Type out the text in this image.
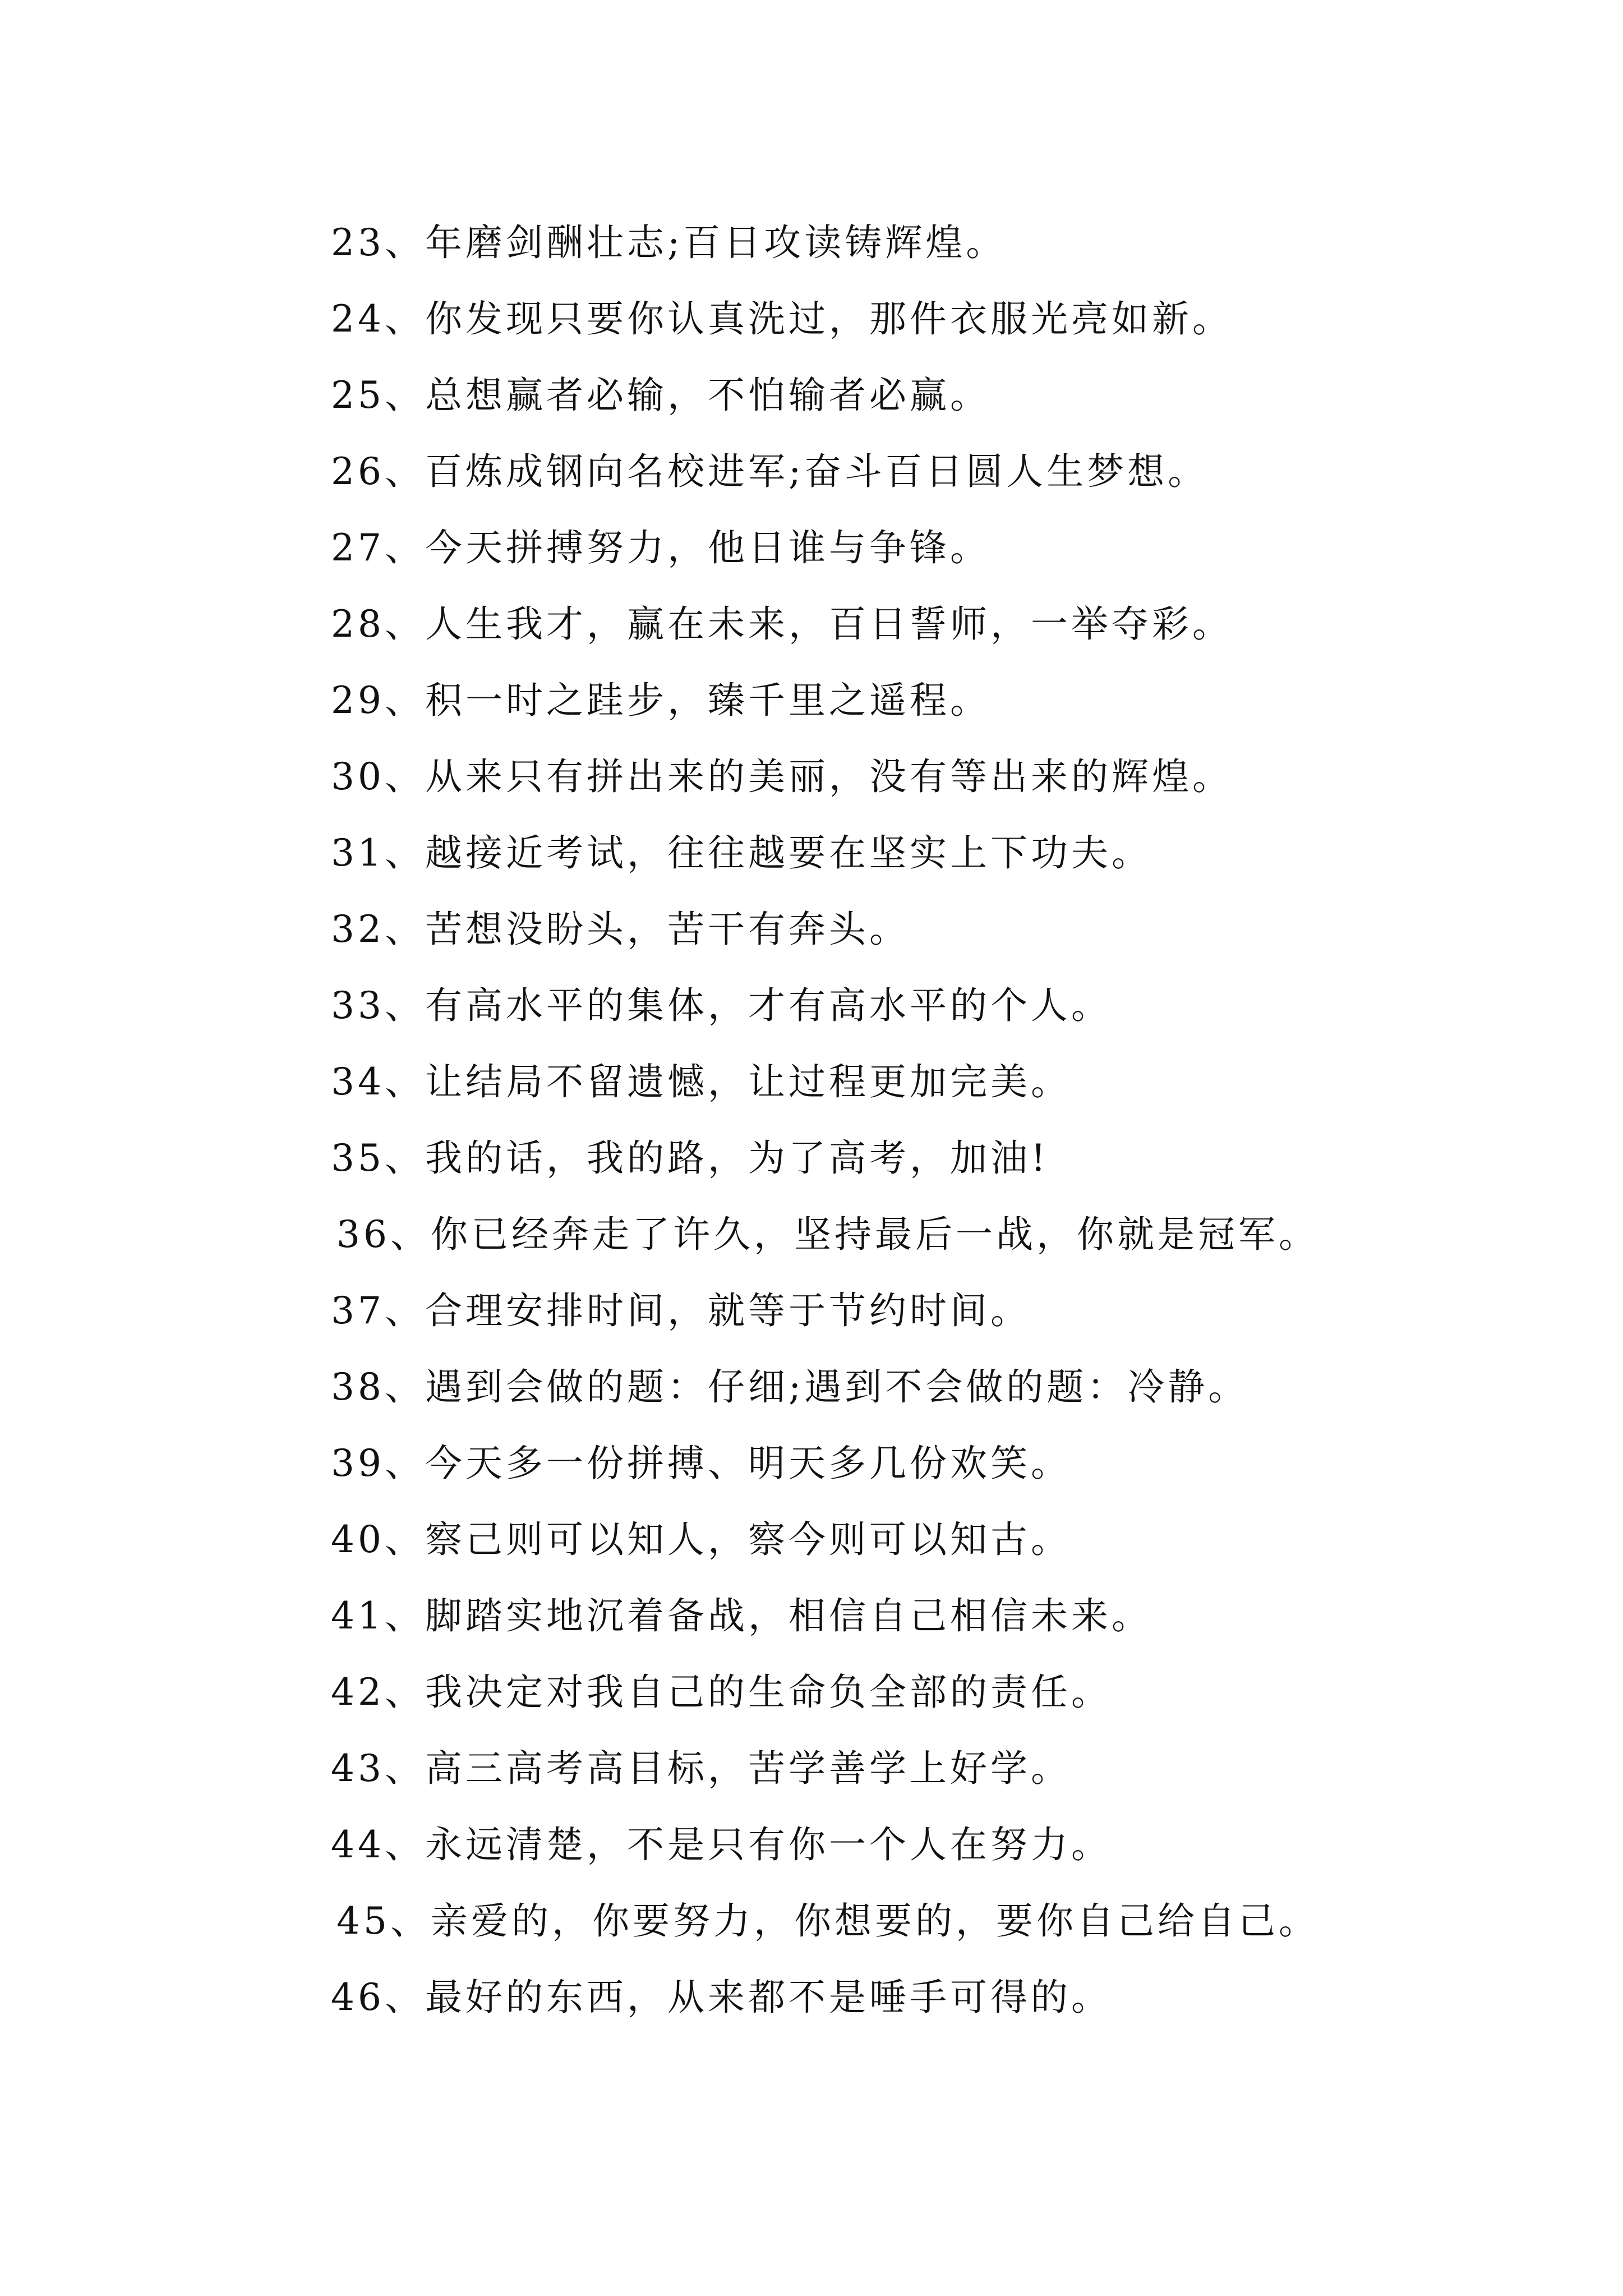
23、年磨剑酬壮志;百日攻读铸辉煌。
24、你发现只要你认真洗过，那件衣服光亮如新。
25、总想赢者必输，不怕输者必赢。
26、百炼成钢向名校进军;奋斗百日圆人生梦想。
27、今天拼搏努力，他日谁与争锋。
28、人生我才，赢在未来，百日誓师，一举夺彩。
29、积一时之跬步，臻千里之遥程。
30、从来只有拼出来的美丽，没有等出来的辉煌。
31、越接近考试，往往越要在坚实上下功夫。
32、苦想没盼头，苦干有奔头。
33、有高水平的集体，才有高水平的个人。
34、让结局不留遗憾，让过程更加完美。
35、我的话，我的路，为了高考，加油!
36、你已经奔走了许久，坚持最后一战，你就是冠军。
37、合理安排时间，就等于节约时间。
38、遇到会做的题：仔细;遇到不会做的题：冷静。
39、今天多一份拼搏、明天多几份欢笑。
40、察己则可以知人，察今则可以知古。
41、脚踏实地沉着备战，相信自己相信未来。
42、我决定对我自己的生命负全部的责任。
43、高三高考高目标，苦学善学上好学。
44、永远清楚，不是只有你一个人在努力。
45、亲爱的，你要努力，你想要的，要你自己给自己。
46、最好的东西，从来都不是唾手可得的。
